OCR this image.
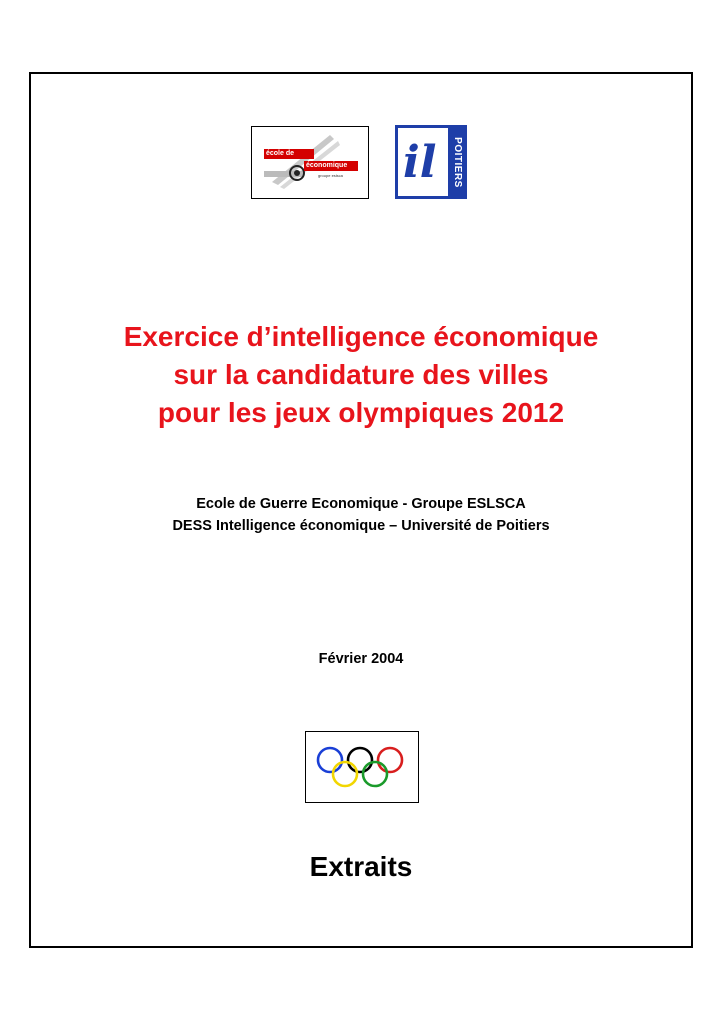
école de guerre	économique
groupe eslsca il POITIERS
Exercice d’intelligence économique
sur la candidature des villes
pour les jeux olympiques 2012
Ecole de Guerre Economique - Groupe ESLSCA
DESS Intelligence économique – Université de Poitiers
Février 2004
Extraits
